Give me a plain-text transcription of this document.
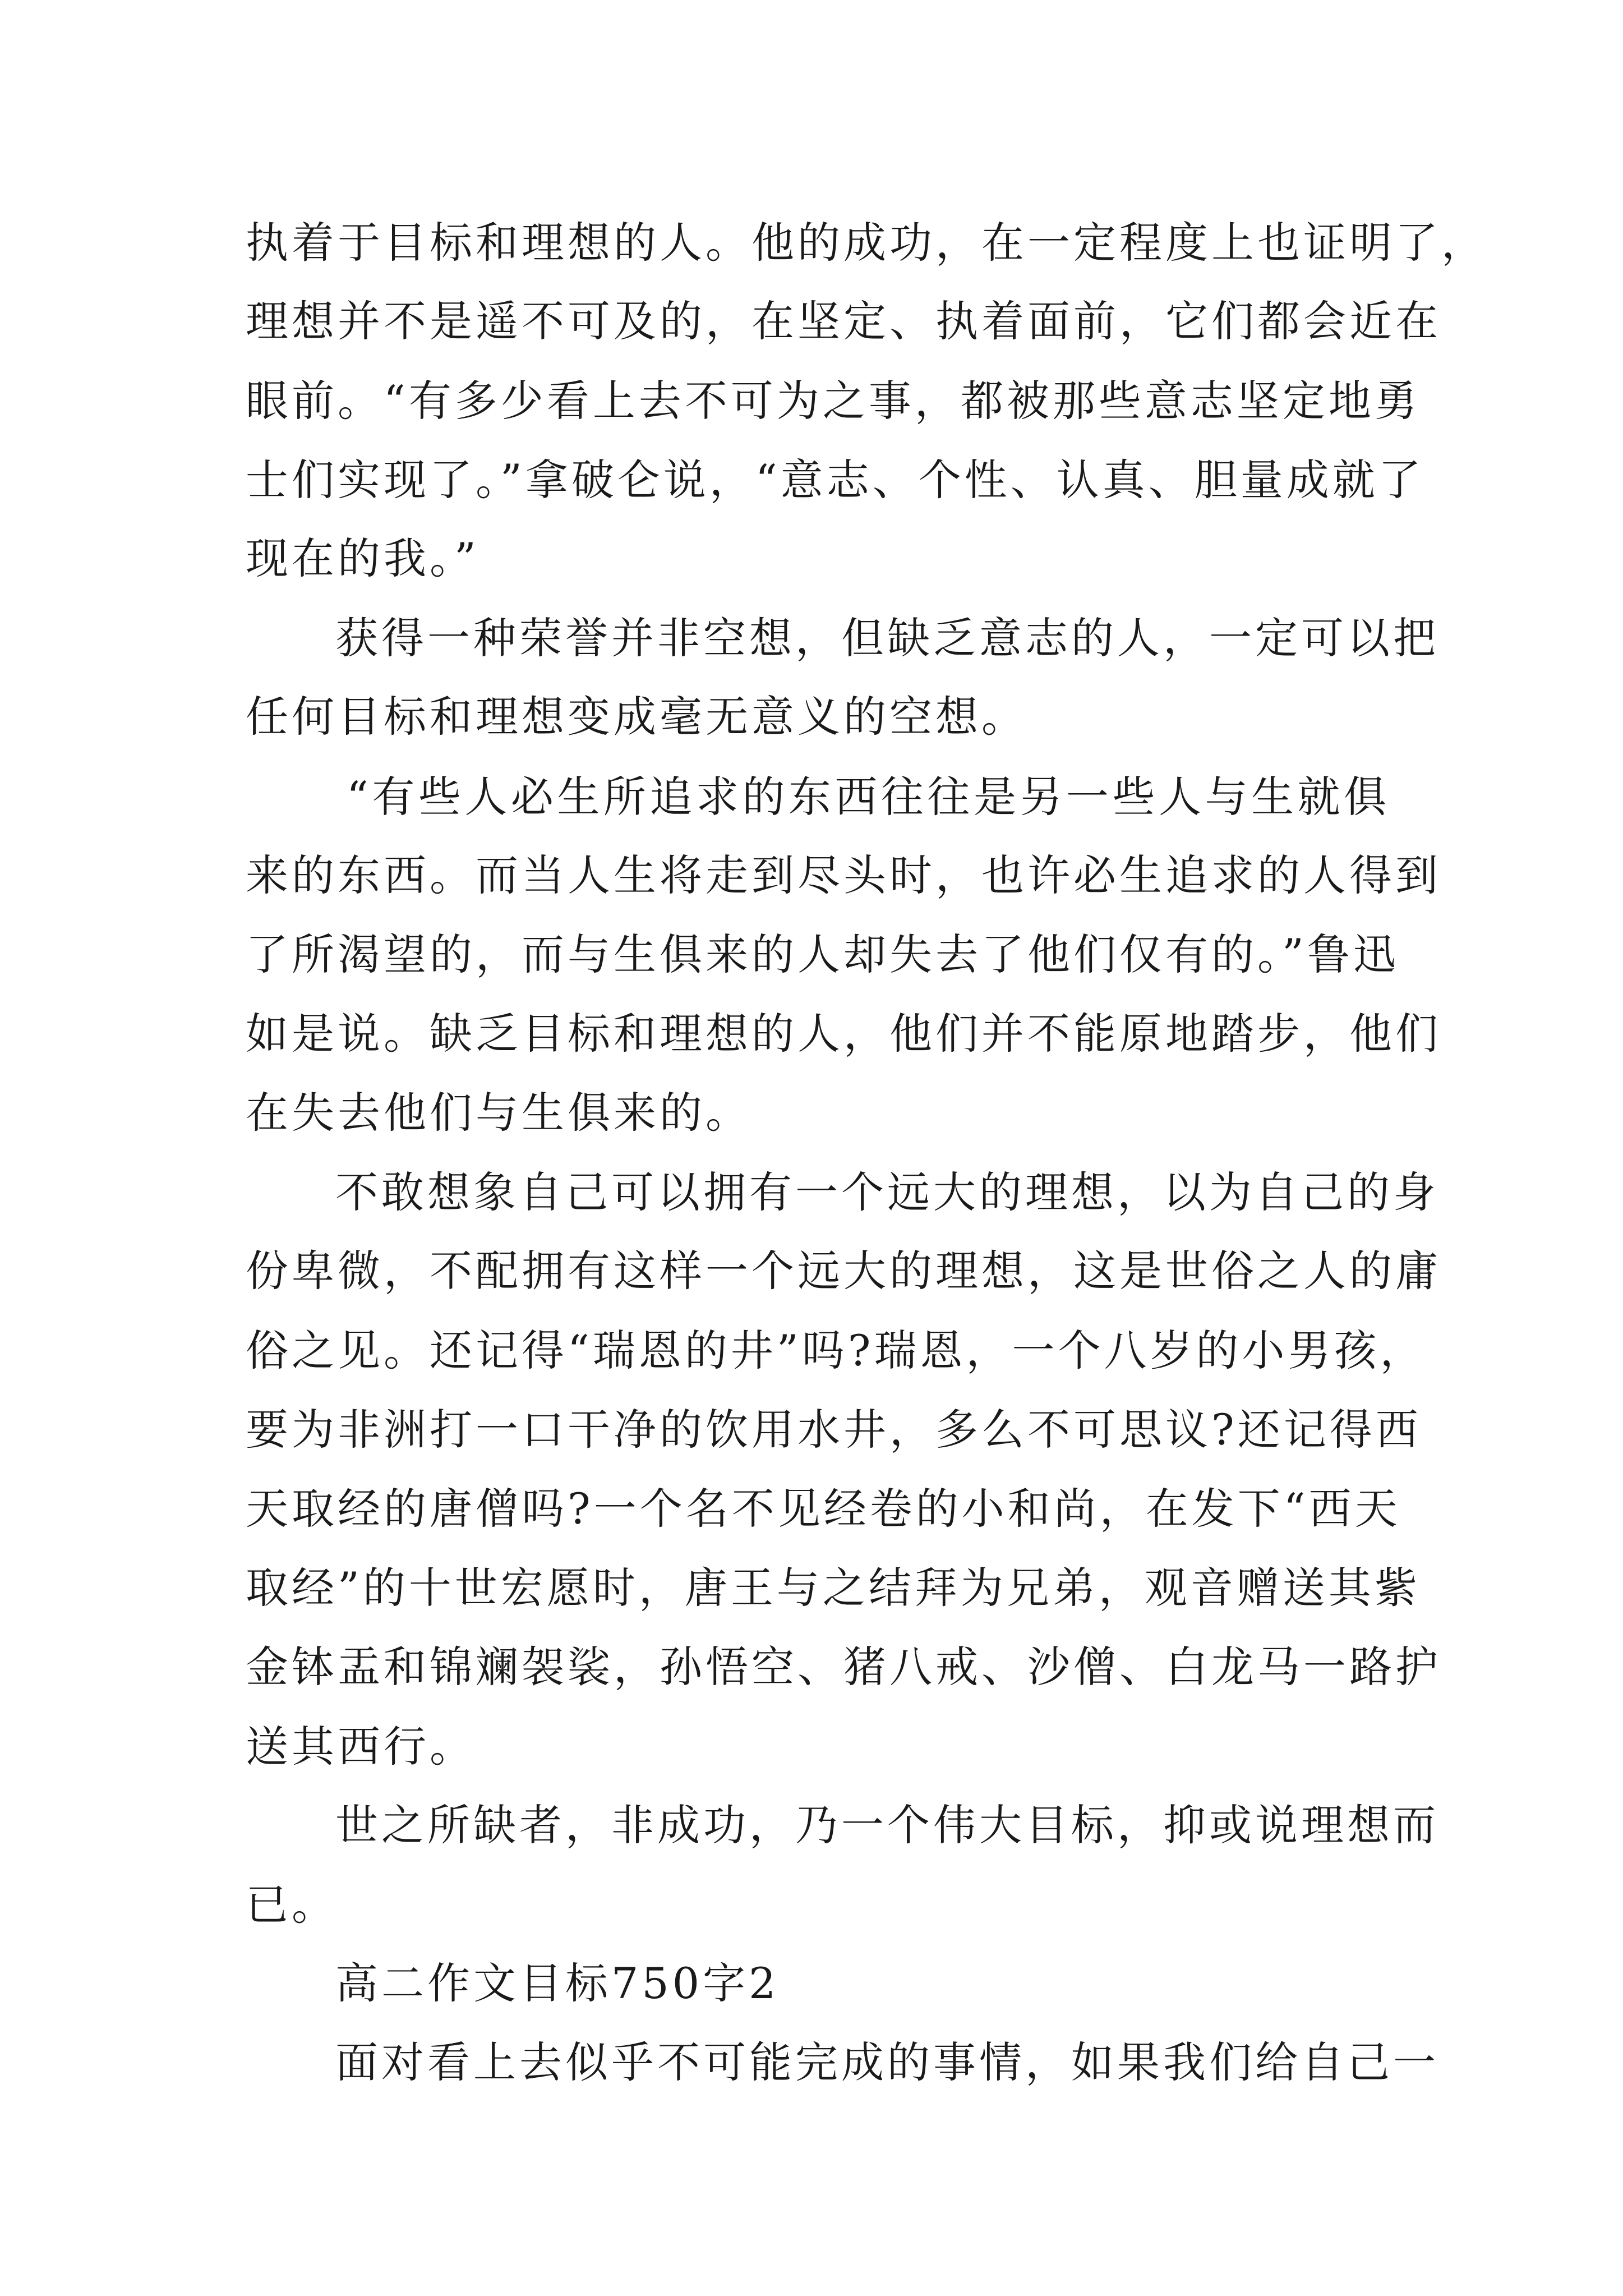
执着于目标和理想的人。他的成功，在一定程度上也证明了，
理想并不是遥不可及的，在坚定、执着面前，它们都会近在
眼前。“有多少看上去不可为之事，都被那些意志坚定地勇
士们实现了。”拿破仑说，“意志、个性、认真、胆量成就了
现在的我。”
获得一种荣誉并非空想，但缺乏意志的人，一定可以把
任何目标和理想变成毫无意义的空想。
“有些人必生所追求的东西往往是另一些人与生就俱
来的东西。而当人生将走到尽头时，也许必生追求的人得到
了所渴望的，而与生俱来的人却失去了他们仅有的。”鲁迅
如是说。缺乏目标和理想的人，他们并不能原地踏步，他们
在失去他们与生俱来的。
不敢想象自己可以拥有一个远大的理想，以为自己的身
份卑微，不配拥有这样一个远大的理想，这是世俗之人的庸
俗之见。还记得“瑞恩的井”吗?瑞恩，一个八岁的小男孩，
要为非洲打一口干净的饮用水井，多么不可思议?还记得西
天取经的唐僧吗?一个名不见经卷的小和尚，在发下“西天
取经”的十世宏愿时，唐王与之结拜为兄弟，观音赠送其紫
金钵盂和锦斓袈裟，孙悟空、猪八戒、沙僧、白龙马一路护
送其西行。
世之所缺者，非成功，乃一个伟大目标，抑或说理想而
已。
高二作文目标750字2
面对看上去似乎不可能完成的事情，如果我们给自己一
